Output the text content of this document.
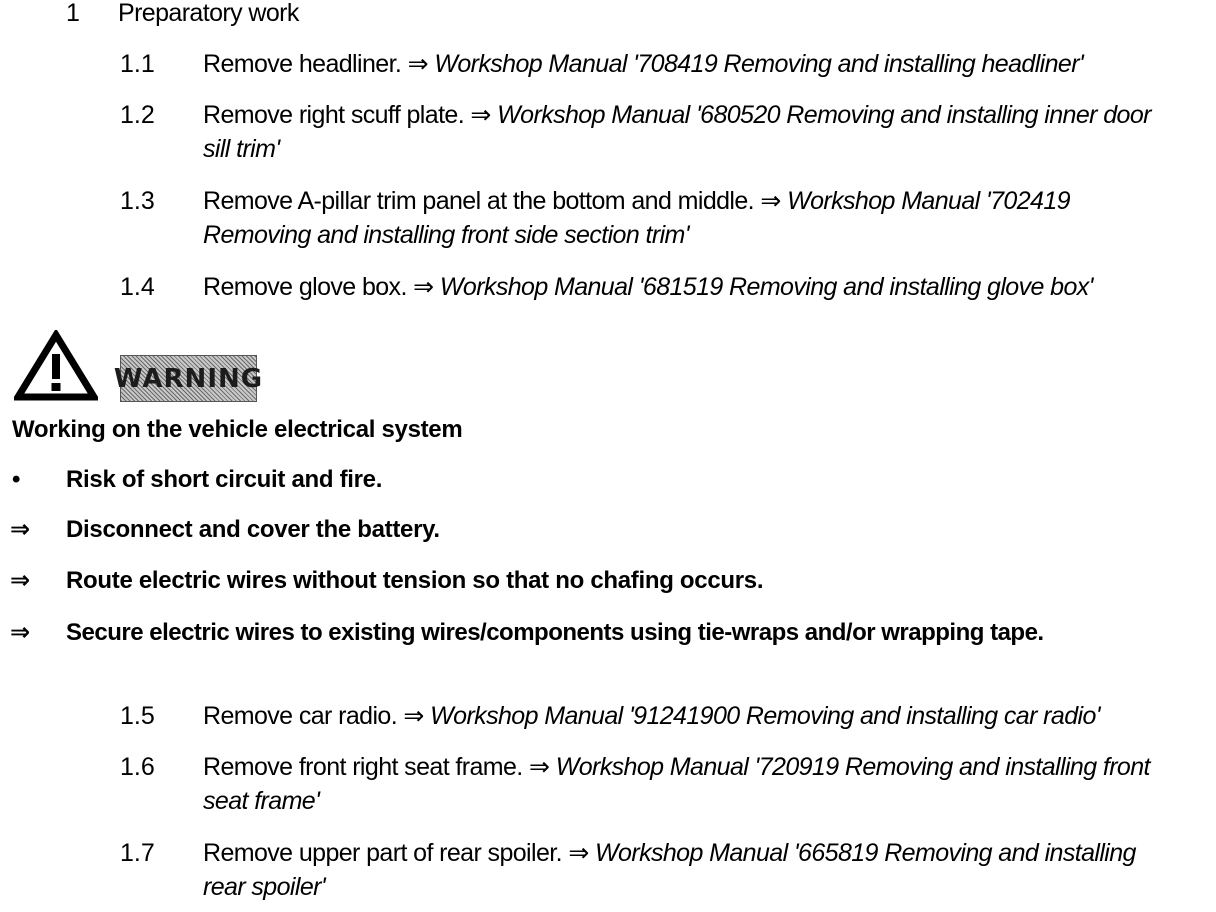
1 Preparatory work
1.1 Remove headliner. ⇒ Workshop Manual '708419 Removing and installing headliner'
1.2 Remove right scuff plate. ⇒ Workshop Manual '680520 Removing and installing inner door
sill trim'
1.3 Remove A-pillar trim panel at the bottom and middle. ⇒ Workshop Manual '702419
Removing and installing front side section trim'
1.4 Remove glove box. ⇒ Workshop Manual '681519 Removing and installing glove box'
WARNING
Working on the vehicle electrical system
• Risk of short circuit and fire.
⇒ Disconnect and cover the battery.
⇒ Route electric wires without tension so that no chafing occurs.
⇒ Secure electric wires to existing wires/components using tie-wraps and/or wrapping tape.
1.5 Remove car radio. ⇒ Workshop Manual '91241900 Removing and installing car radio'
1.6 Remove front right seat frame. ⇒ Workshop Manual '720919 Removing and installing front
seat frame'
1.7 Remove upper part of rear spoiler. ⇒ Workshop Manual '665819 Removing and installing
rear spoiler'
